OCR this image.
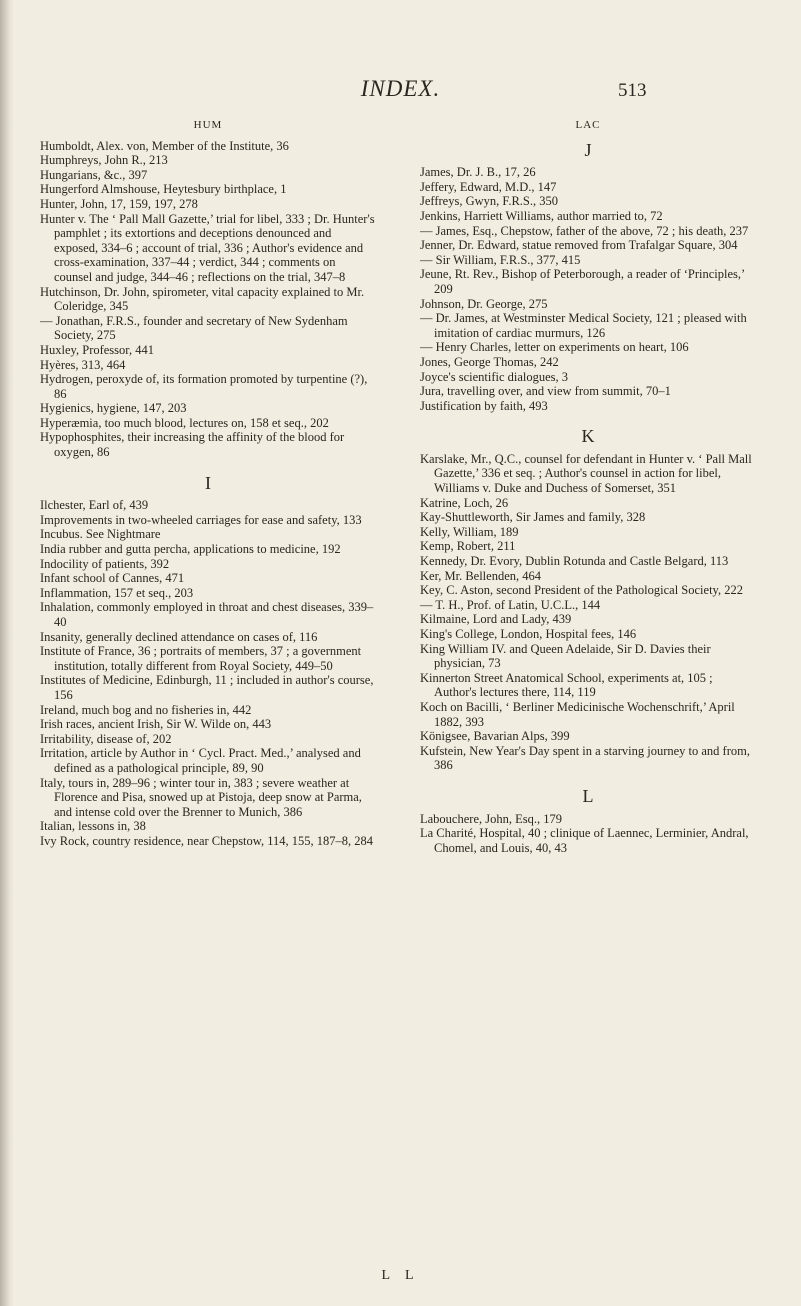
INDEX.	513
HUM

Humboldt, Alex. von, Member of the Institute, 36

Humphreys, John R., 213

Hungarians, &c., 397

Hungerford Almshouse, Heytesbury birthplace, 1

Hunter, John, 17, 159, 197, 278

Hunter v. The ‘ Pall Mall Gazette,’ trial for libel, 333 ; Dr. Hunter's pamphlet ; its extortions and deceptions denounced and exposed, 334–6 ; account of trial, 336 ; Author's evidence and cross-examination, 337–44 ; verdict, 344 ; comments on counsel and judge, 344–46 ; reflections on the trial, 347–8

Hutchinson, Dr. John, spirometer, vital capacity explained to Mr. Coleridge, 345

— Jonathan, F.R.S., founder and secretary of New Sydenham Society, 275

Huxley, Professor, 441

Hyères, 313, 464

Hydrogen, peroxyde of, its formation promoted by turpentine (?), 86

Hygienics, hygiene, 147, 203

Hyperæmia, too much blood, lectures on, 158 et seq., 202

Hypophosphites, their increasing the affinity of the blood for oxygen, 86

I

Ilchester, Earl of, 439

Improvements in two-wheeled carriages for ease and safety, 133

Incubus. See Nightmare

India rubber and gutta percha, applications to medicine, 192

Indocility of patients, 392

Infant school of Cannes, 471

Inflammation, 157 et seq., 203

Inhalation, commonly employed in throat and chest diseases, 339–40

Insanity, generally declined attendance on cases of, 116

Institute of France, 36 ; portraits of members, 37 ; a government institution, totally different from Royal Society, 449–50

Institutes of Medicine, Edinburgh, 11 ; included in author's course, 156

Ireland, much bog and no fisheries in, 442

Irish races, ancient Irish, Sir W. Wilde on, 443

Irritability, disease of, 202

Irritation, article by Author in ‘ Cycl. Pract. Med.,’ analysed and defined as a pathological principle, 89, 90

Italy, tours in, 289–96 ; winter tour in, 383 ; severe weather at Florence and Pisa, snowed up at Pistoja, deep snow at Parma, and intense cold over the Brenner to Munich, 386

Italian, lessons in, 38

Ivy Rock, country residence, near Chepstow, 114, 155, 187–8, 284

LAC
J

James, Dr. J. B., 17, 26

Jeffery, Edward, M.D., 147

Jeffreys, Gwyn, F.R.S., 350

Jenkins, Harriett Williams, author married to, 72

— James, Esq., Chepstow, father of the above, 72 ; his death, 237

Jenner, Dr. Edward, statue removed from Trafalgar Square, 304

— Sir William, F.R.S., 377, 415

Jeune, Rt. Rev., Bishop of Peterborough, a reader of ‘Principles,’ 209

Johnson, Dr. George, 275

— Dr. James, at Westminster Medical Society, 121 ; pleased with imitation of cardiac murmurs, 126

— Henry Charles, letter on experiments on heart, 106

Jones, George Thomas, 242

Joyce's scientific dialogues, 3

Jura, travelling over, and view from summit, 70–1

Justification by faith, 493

K

Karslake, Mr., Q.C., counsel for defendant in Hunter v. ‘ Pall Mall Gazette,’ 336 et seq. ; Author's counsel in action for libel, Williams v. Duke and Duchess of Somerset, 351

Katrine, Loch, 26

Kay-Shuttleworth, Sir James and family, 328

Kelly, William, 189

Kemp, Robert, 211

Kennedy, Dr. Evory, Dublin Rotunda and Castle Belgard, 113

Ker, Mr. Bellenden, 464

Key, C. Aston, second President of the Pathological Society, 222

— T. H., Prof. of Latin, U.C.L., 144

Kilmaine, Lord and Lady, 439

King's College, London, Hospital fees, 146

King William IV. and Queen Adelaide, Sir D. Davies their physician, 73

Kinnerton Street Anatomical School, experiments at, 105 ; Author's lectures there, 114, 119

Koch on Bacilli, ‘ Berliner Medicinische Wochenschrift,’ April 1882, 393

Königsee, Bavarian Alps, 399

Kufstein, New Year's Day spent in a starving journey to and from, 386

L

Labouchere, John, Esq., 179

La Charité, Hospital, 40 ; clinique of Laennec, Lerminier, Andral, Chomel, and Louis, 40, 43

L L
